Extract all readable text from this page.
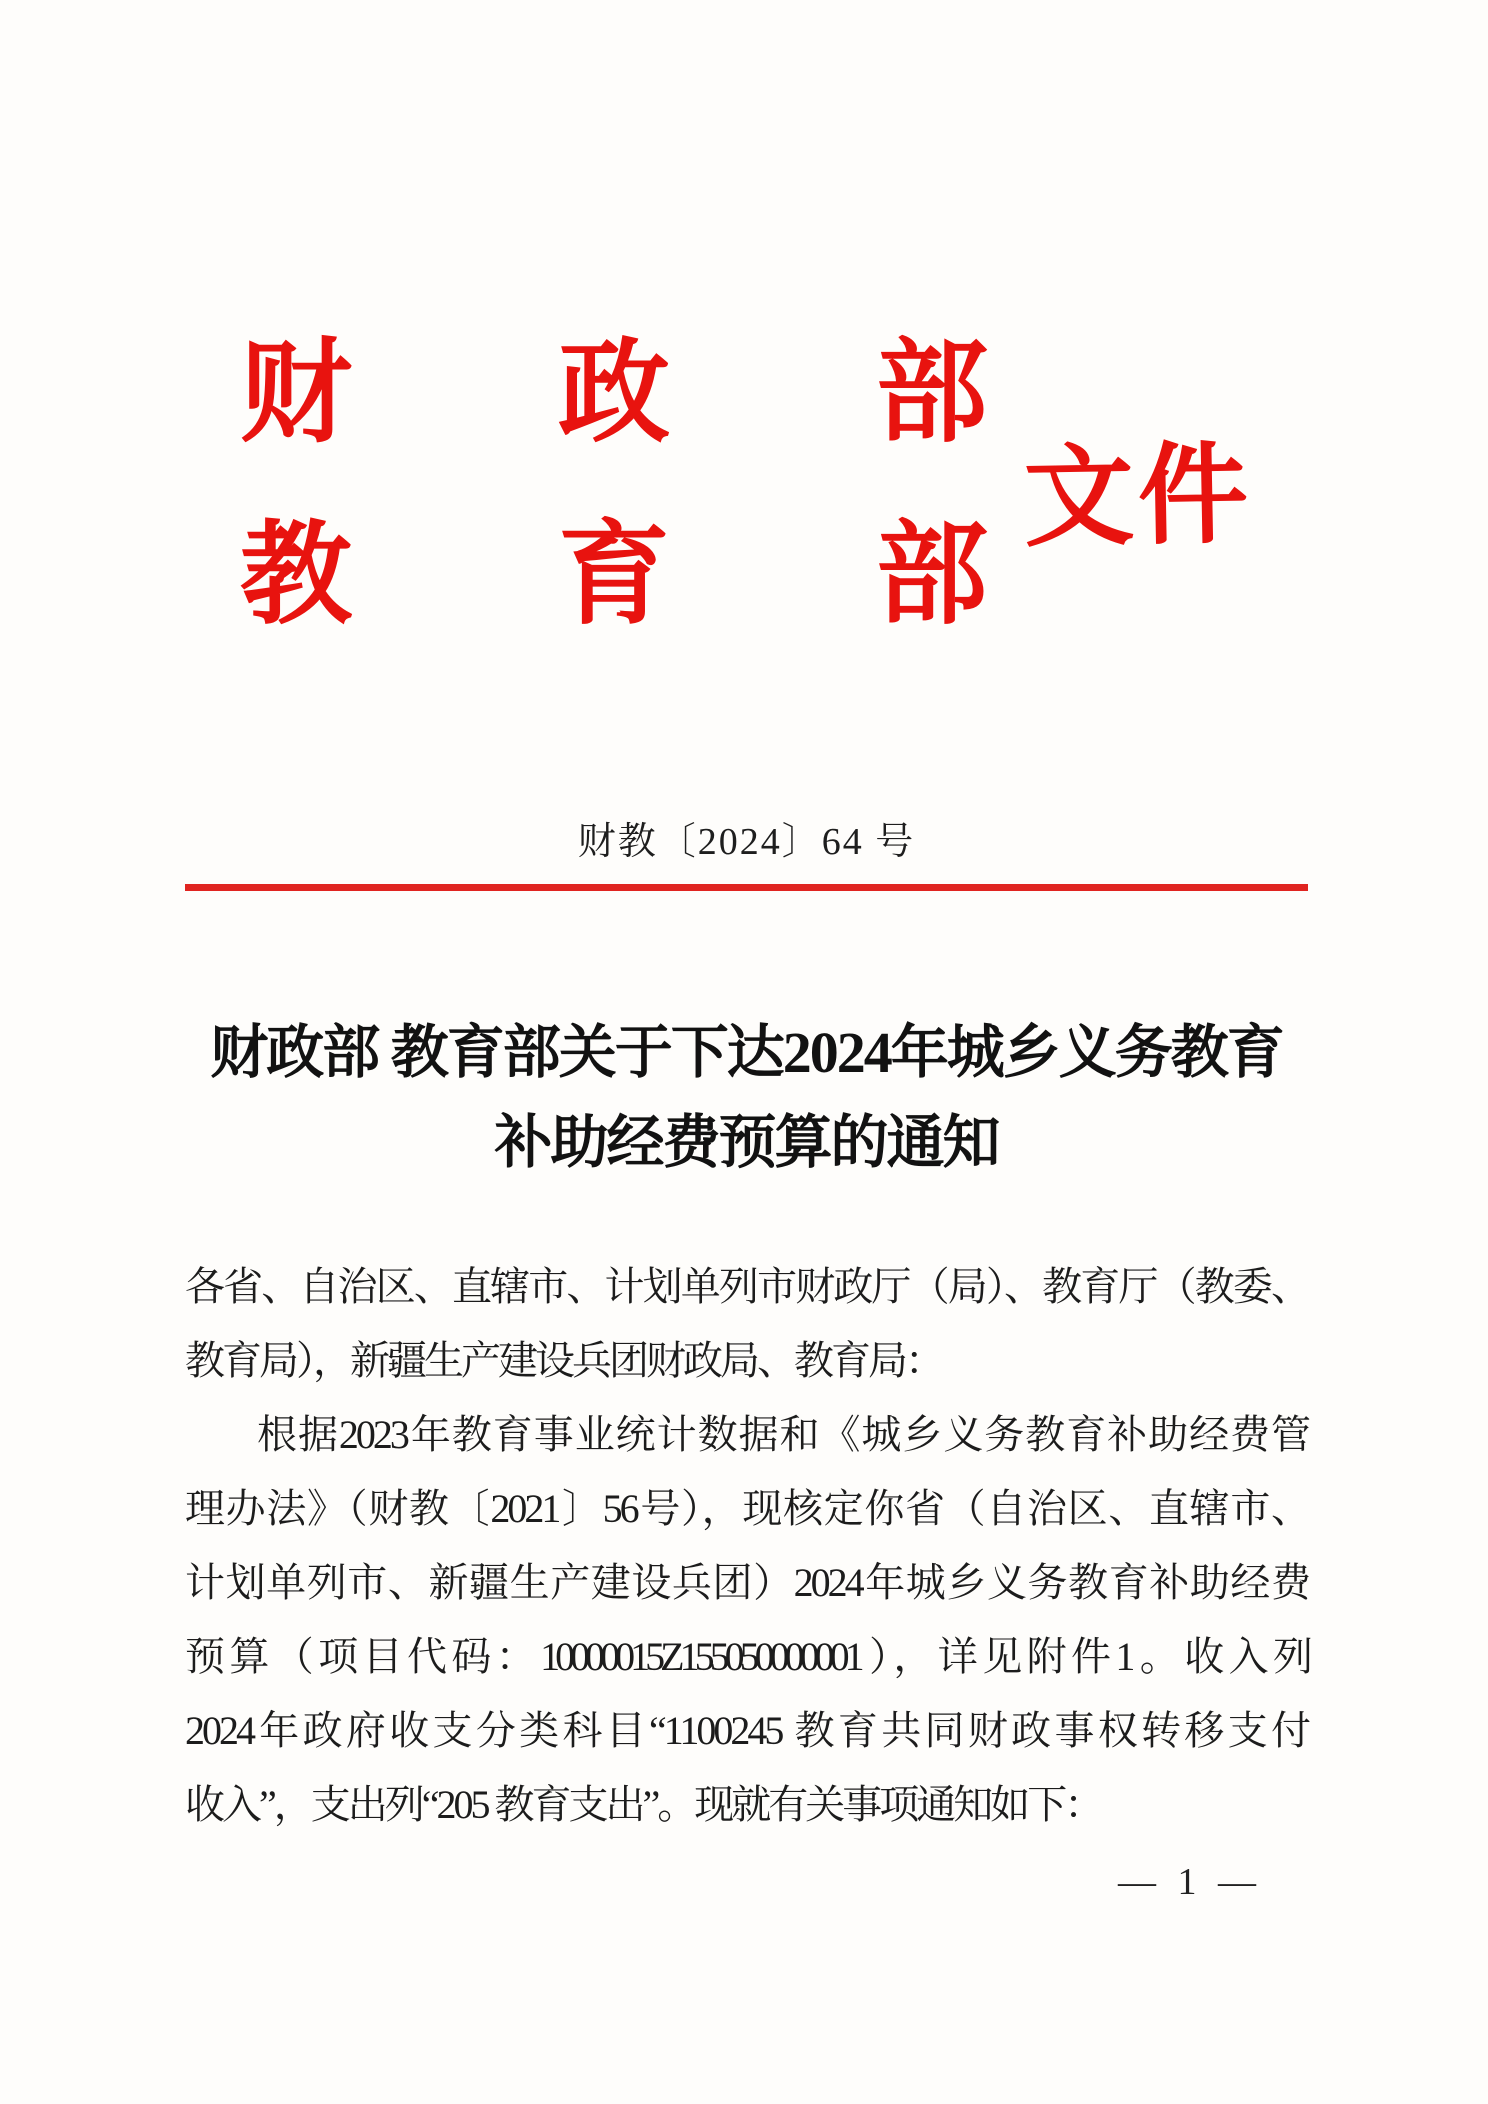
财 政 部
教 育 部
文件
财教〔2024〕64 号
财政部 教育部关于下达2024年城乡义务教育
补助经费预算的通知
各省、自治区、直辖市、计划单列市财政厅（局）、教育厅（教委、
教育局），新疆生产建设兵团财政局、教育局：
根据2023年教育事业统计数据和《城乡义务教育补助经费管
理办法》（财教〔2021〕56号），现核定你省（自治区、直辖市、
计划单列市、新疆生产建设兵团）2024年城乡义务教育补助经费
预算（项目代码：10000015Z155050000001），详见附件1。收入列
2024年政府收支分类科目“1100245 教育共同财政事权转移支付
收入”，支出列“205 教育支出”。现就有关事项通知如下：
— 1 —
